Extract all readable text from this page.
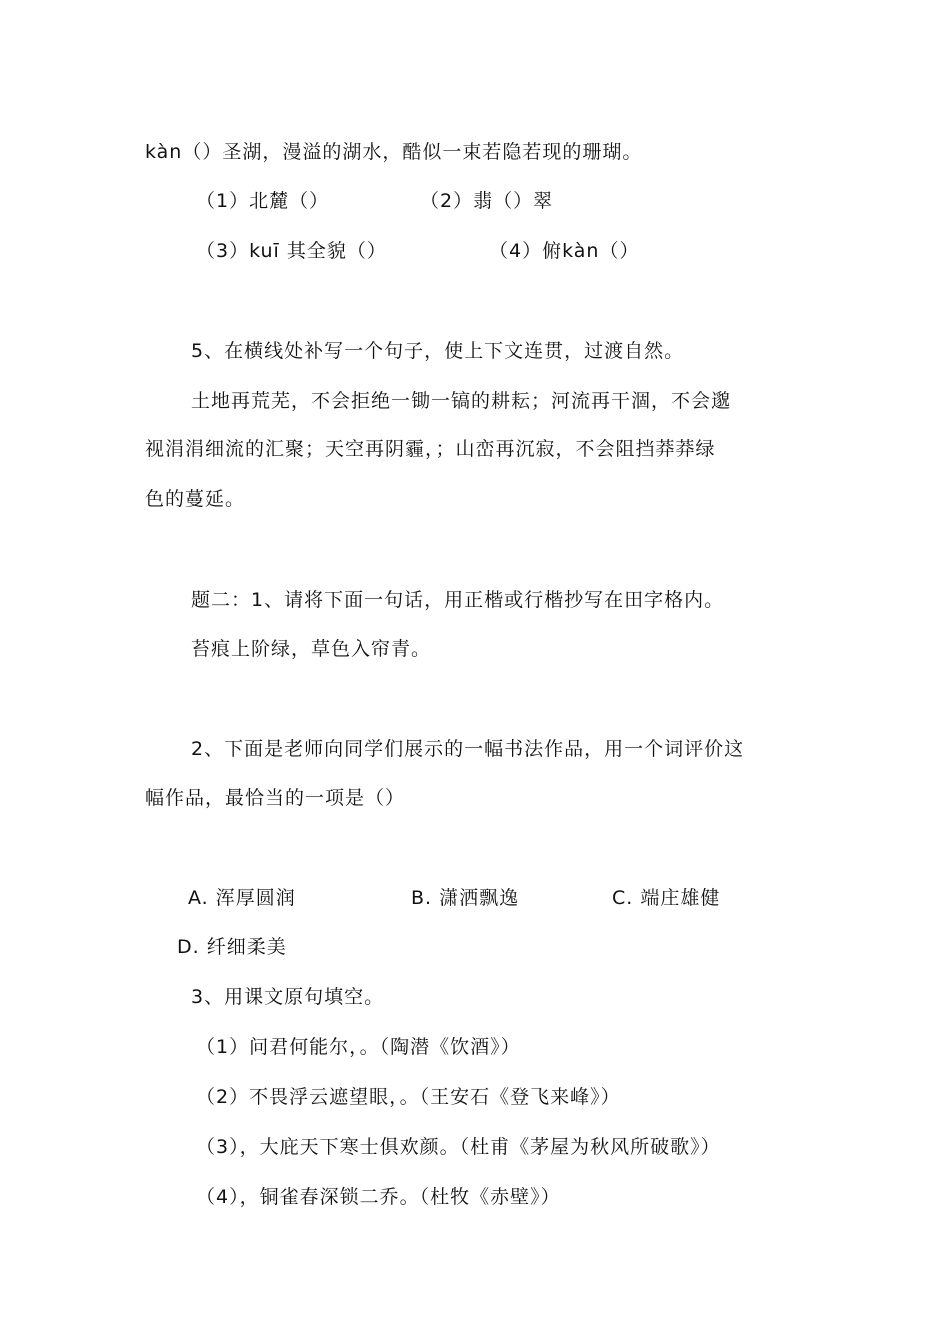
kàn（）圣湖，漫溢的湖水，酷似一束若隐若现的珊瑚。
（1）北麓（）	（2）翡（）翠
（3）kuī 其全貌（）	（4）俯kàn（）
5、在横线处补写一个句子，使上下文连贯，过渡自然。
土地再荒芜，不会拒绝一锄一镐的耕耘；河流再干涸，不会邈
视涓涓细流的汇聚；天空再阴霾，；山峦再沉寂，不会阻挡莽莽绿
色的蔓延。
题二：1、请将下面一句话，用正楷或行楷抄写在田字格内。
苔痕上阶绿，草色入帘青。
2、下面是老师向同学们展示的一幅书法作品，用一个词评价这
幅作品，最恰当的一项是（）
A. 浑厚圆润	B. 潇洒飘逸	C. 端庄雄健
D. 纤细柔美
3、用课文原句填空。
（1）问君何能尔，。（陶潜《饮酒》）
（2）不畏浮云遮望眼，。（王安石《登飞来峰》）
（3），大庇天下寒士俱欢颜。（杜甫《茅屋为秋风所破歌》）
（4），铜雀春深锁二乔。（杜牧《赤壁》）
